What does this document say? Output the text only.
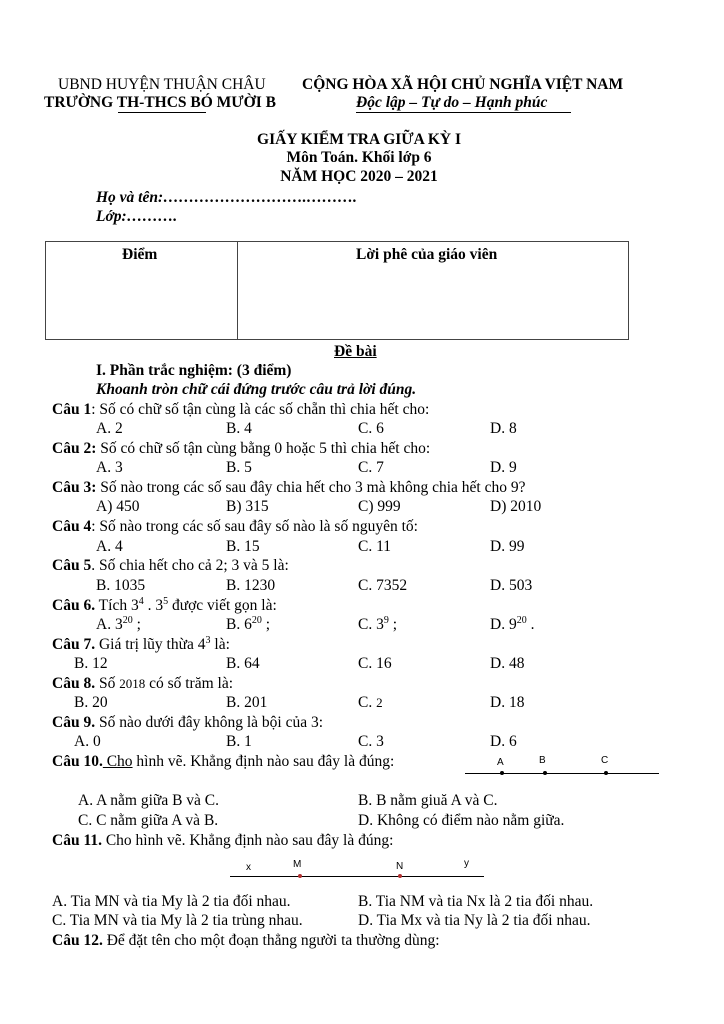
UBND HUYỆN THUẬN CHÂU
TRƯỜNG TH-THCS BÓ MƯỜI B
CỘNG HÒA XÃ HỘI CHỦ NGHĨA VIỆT NAM
Độc lập – Tự do – Hạnh phúc
GIẤY KIỂM TRA GIỮA KỲ I
Môn Toán. Khối lớp 6
NĂM HỌC 2020 – 2021
Họ và tên:……………………….……….
Lớp:……….
Điểm	Lời phê của giáo viên
Đề bài
I. Phần trắc nghiệm: (3 điểm)
Khoanh tròn chữ cái đứng trước câu trả lời đúng.
Câu 1: Số có chữ số tận cùng là các số chẵn thì chia hết cho:
A. 2	B. 4	C. 6	D. 8
Câu 2: Số có chữ số tận cùng bằng 0 hoặc 5 thì chia hết cho:
A. 3	B. 5	C. 7	D. 9
Câu 3: Số nào trong các số sau đây chia hết cho 3 mà không chia hết cho 9?
A) 450	B) 315	C) 999	D) 2010
Câu 4: Số nào trong các số sau đây số nào là số nguyên tố:
A. 4	B. 15	C. 11	D. 99
Câu 5. Số chia hết cho cả 2; 3 và 5 là:
B. 1035	B. 1230	C. 7352	D. 503
Câu 6. Tích $3^4$ . $3^5$ được viết gọn là:
A. $3^{20}$ ;	B. $6^{20}$ ;	C. $3^9$ ;	D. $9^{20}$ .
Câu 7. Giá trị lũy thừa $4^3$ là:
B. 12	B. 64	C. 16	D. 48
Câu 8. Số 2018 có số trăm là:
B. 20	B. 201	C. 2	D. 18
Câu 9. Số nào dưới đây không là bội của 3:
A. 0	B. 1	C. 3	D. 6
Câu 10. Cho hình vẽ. Khẳng định nào sau đây là đúng:	A	B	C
A. A nằm giữa B và C.	B. B nằm giuă A và C.
C. C nằm giữa A và B.	D. Không có điểm nào nằm giữa.
Câu 11. Cho hình vẽ. Khẳng định nào sau đây là đúng:
x	M	N	y
A. Tia MN và tia My là 2 tia đối nhau.	B. Tia NM và tia Nx là 2 tia đối nhau.
C. Tia MN và tia My là 2 tia trùng nhau.	D. Tia Mx và tia Ny là 2 tia đối nhau.
Câu 12. Để đặt tên cho một đoạn thẳng người ta thường dùng:
